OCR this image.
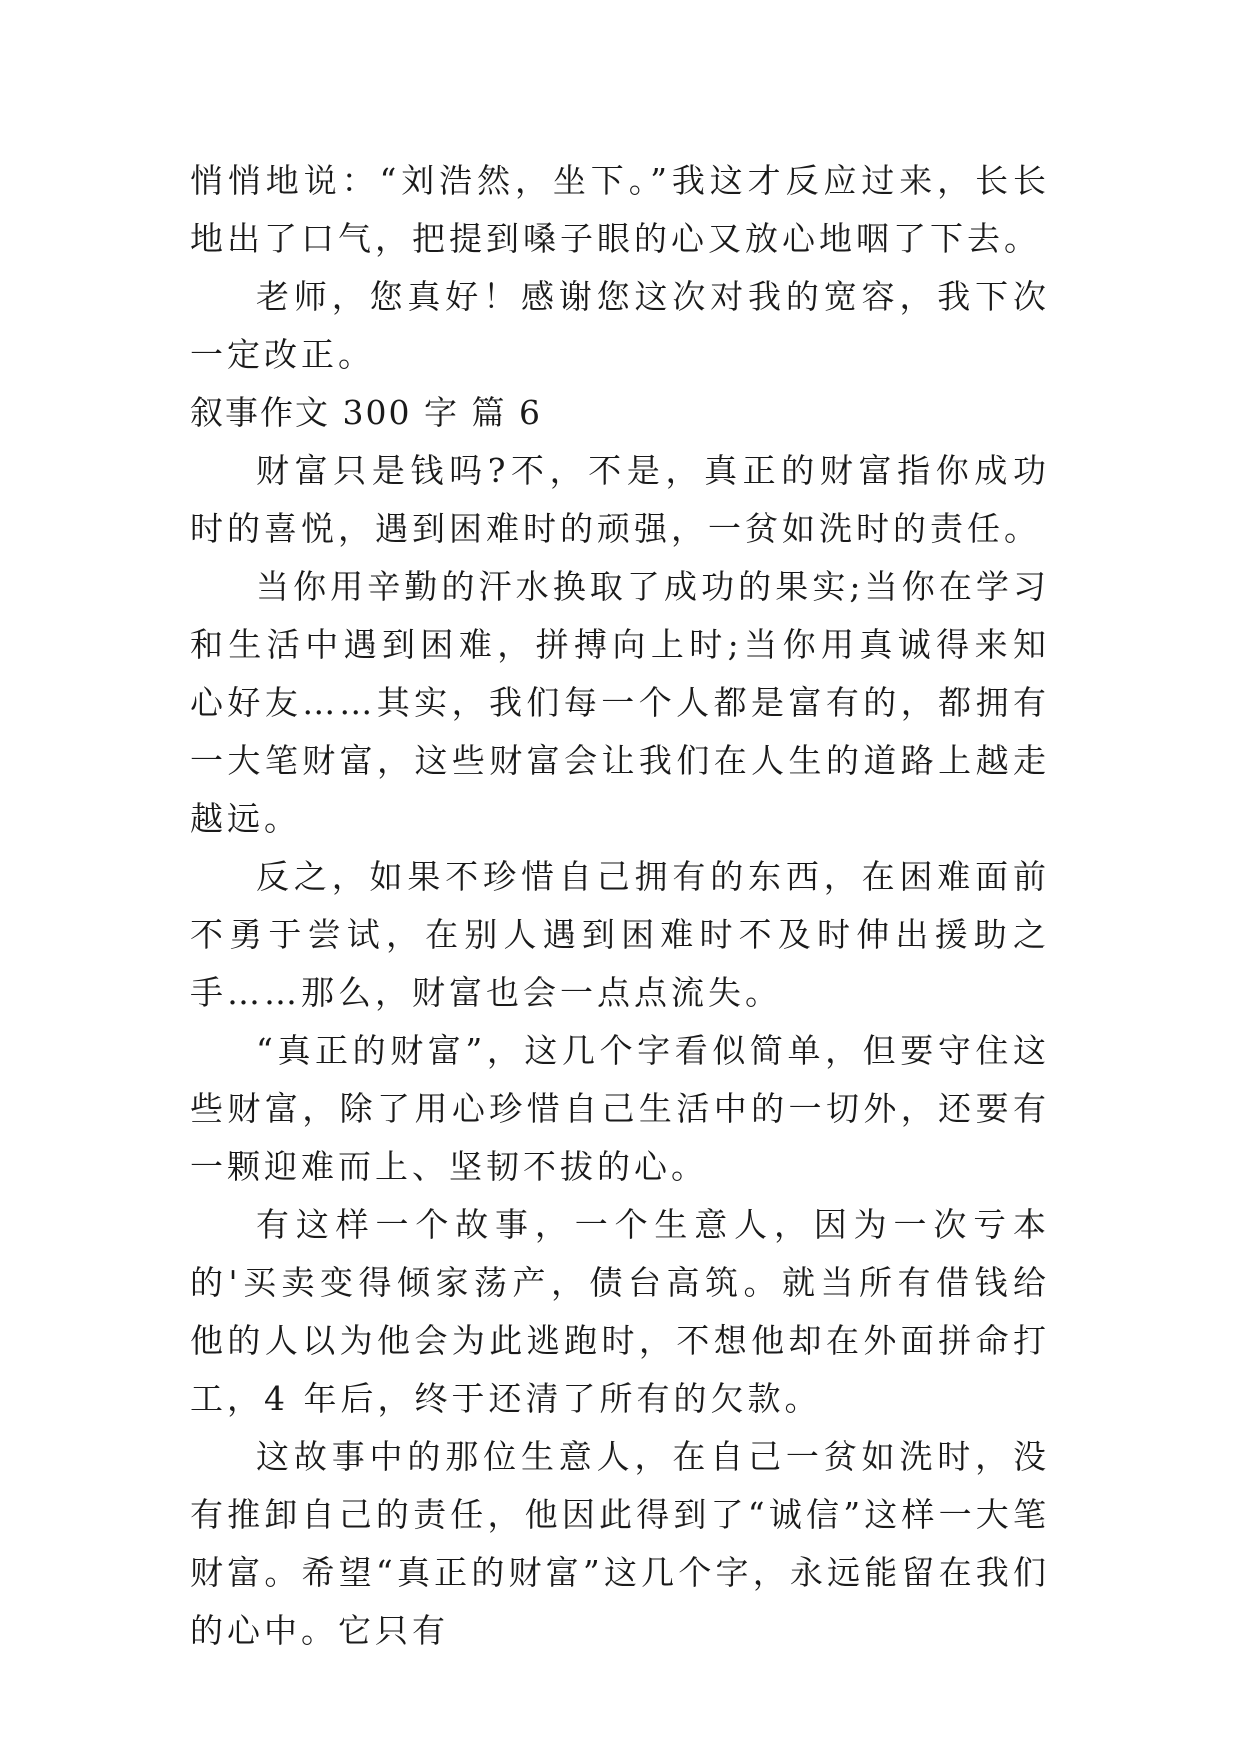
悄悄地说：“刘浩然，坐下。”我这才反应过来，长长地出了口气，把提到嗓子眼的心又放心地咽了下去。

老师，您真好！感谢您这次对我的宽容，我下次一定改正。

叙事作文 300 字 篇 6

财富只是钱吗?不，不是，真正的财富指你成功时的喜悦，遇到困难时的顽强，一贫如洗时的责任。

当你用辛勤的汗水换取了成功的果实;当你在学习和生活中遇到困难，拼搏向上时;当你用真诚得来知心好友……其实，我们每一个人都是富有的，都拥有一大笔财富，这些财富会让我们在人生的道路上越走越远。

反之，如果不珍惜自己拥有的东西，在困难面前不勇于尝试，在别人遇到困难时不及时伸出援助之手……那么，财富也会一点点流失。

“真正的财富”，这几个字看似简单，但要守住这些财富，除了用心珍惜自己生活中的一切外，还要有一颗迎难而上、坚韧不拔的心。

有这样一个故事，一个生意人，因为一次亏本的'买卖变得倾家荡产，债台高筑。就当所有借钱给他的人以为他会为此逃跑时，不想他却在外面拼命打工，4 年后，终于还清了所有的欠款。

这故事中的那位生意人，在自己一贫如洗时，没有推卸自己的责任，他因此得到了“诚信”这样一大笔财富。希望“真正的财富”这几个字，永远能留在我们的心中。它只有
